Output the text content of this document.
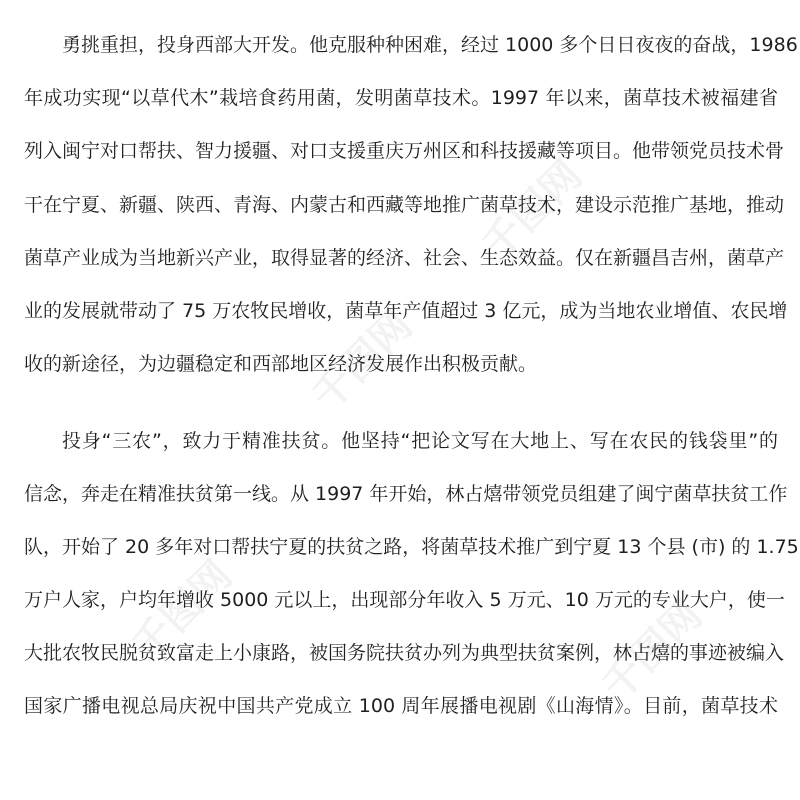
千图网
千图网
千图网
千图网
勇挑重担，投身西部大开发。他克服种种困难，经过 1000 多个日日夜夜的奋战，1986
年成功实现“以草代木”栽培食药用菌，发明菌草技术。1997 年以来，菌草技术被福建省
列入闽宁对口帮扶、智力援疆、对口支援重庆万州区和科技援藏等项目。他带领党员技术骨
干在宁夏、新疆、陕西、青海、内蒙古和西藏等地推广菌草技术，建设示范推广基地，推动
菌草产业成为当地新兴产业，取得显著的经济、社会、生态效益。仅在新疆昌吉州，菌草产
业的发展就带动了 75 万农牧民增收，菌草年产值超过 3 亿元，成为当地农业增值、农民增
收的新途径，为边疆稳定和西部地区经济发展作出积极贡献。
投身“三农”，致力于精准扶贫。他坚持“把论文写在大地上、写在农民的钱袋里”的
信念，奔走在精准扶贫第一线。从 1997 年开始，林占熺带领党员组建了闽宁菌草扶贫工作
队，开始了 20 多年对口帮扶宁夏的扶贫之路，将菌草技术推广到宁夏 13 个县 (市) 的 1.75
万户人家，户均年增收 5000 元以上，出现部分年收入 5 万元、10 万元的专业大户，使一
大批农牧民脱贫致富走上小康路，被国务院扶贫办列为典型扶贫案例，林占熺的事迹被编入
国家广播电视总局庆祝中国共产党成立 100 周年展播电视剧《山海情》。目前，菌草技术
